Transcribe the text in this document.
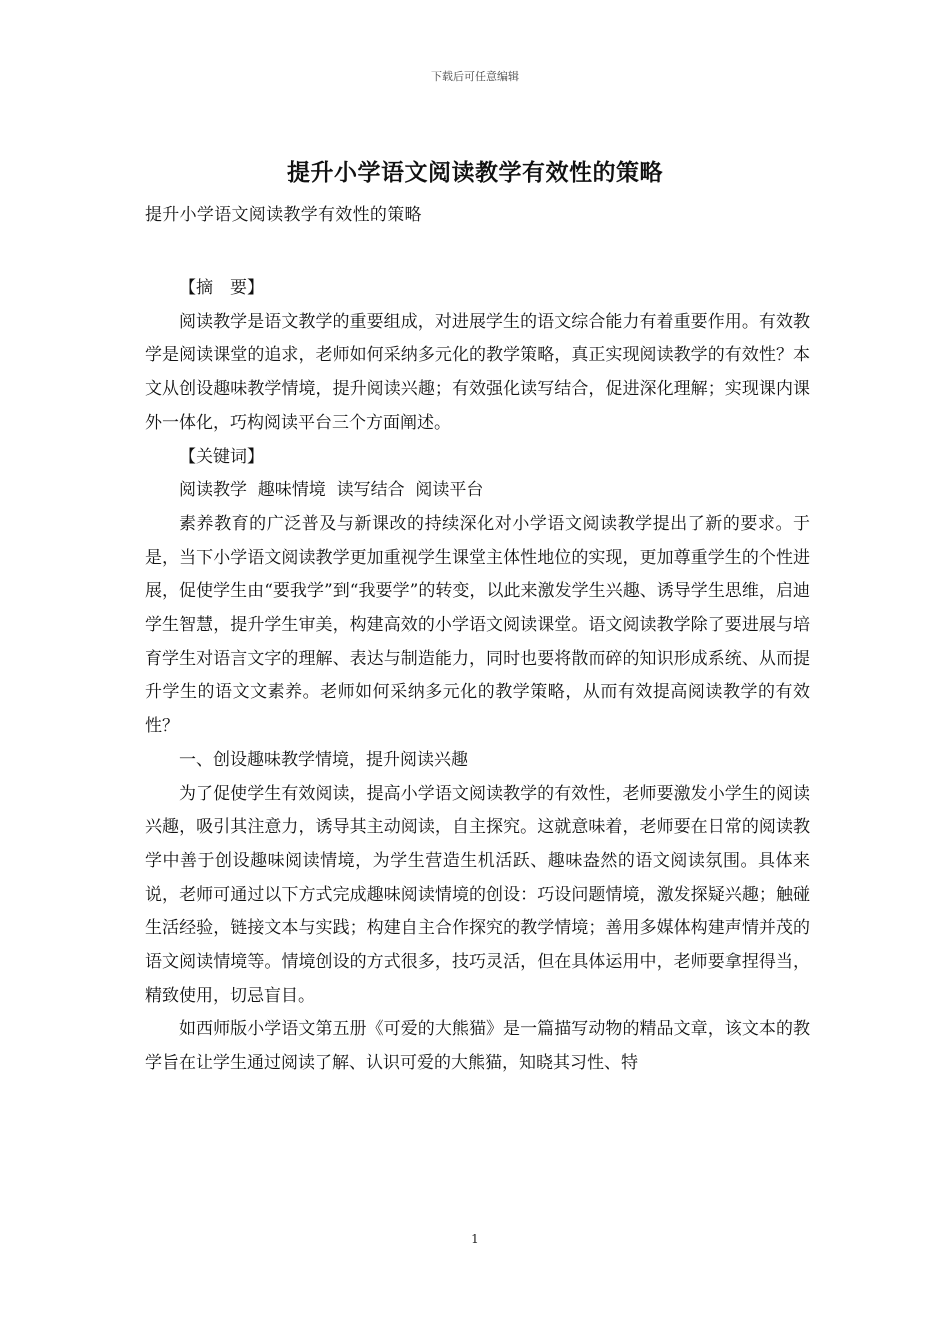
下载后可任意编辑
提升小学语文阅读教学有效性的策略
提升小学语文阅读教学有效性的策略

【摘　要】

阅读教学是语文教学的重要组成，对进展学生的语文综合能力有着重要作用。有效教学是阅读课堂的追求，老师如何采纳多元化的教学策略，真正实现阅读教学的有效性？本文从创设趣味教学情境，提升阅读兴趣；有效强化读写结合，促进深化理解；实现课内课外一体化，巧构阅读平台三个方面阐述。

【关键词】

阅读教学  趣味情境  读写结合  阅读平台

素养教育的广泛普及与新课改的持续深化对小学语文阅读教学提出了新的要求。于是，当下小学语文阅读教学更加重视学生课堂主体性地位的实现，更加尊重学生的个性进展，促使学生由“要我学”到“我要学”的转变，以此来激发学生兴趣、诱导学生思维，启迪学生智慧，提升学生审美，构建高效的小学语文阅读课堂。语文阅读教学除了要进展与培育学生对语言文字的理解、表达与制造能力，同时也要将散而碎的知识形成系统、从而提升学生的语文文素养。老师如何采纳多元化的教学策略，从而有效提高阅读教学的有效性？

一、创设趣味教学情境，提升阅读兴趣

为了促使学生有效阅读，提高小学语文阅读教学的有效性，老师要激发小学生的阅读兴趣，吸引其注意力，诱导其主动阅读，自主探究。这就意味着，老师要在日常的阅读教学中善于创设趣味阅读情境，为学生营造生机活跃、趣味盎然的语文阅读氛围。具体来说，老师可通过以下方式完成趣味阅读情境的创设：巧设问题情境，激发探疑兴趣；触碰生活经验，链接文本与实践；构建自主合作探究的教学情境；善用多媒体构建声情并茂的语文阅读情境等。情境创设的方式很多，技巧灵活，但在具体运用中，老师要拿捏得当，精致使用，切忌盲目。

如西师版小学语文第五册《可爱的大熊猫》是一篇描写动物的精品文章，该文本的教学旨在让学生通过阅读了解、认识可爱的大熊猫，知晓其习性、特

1
